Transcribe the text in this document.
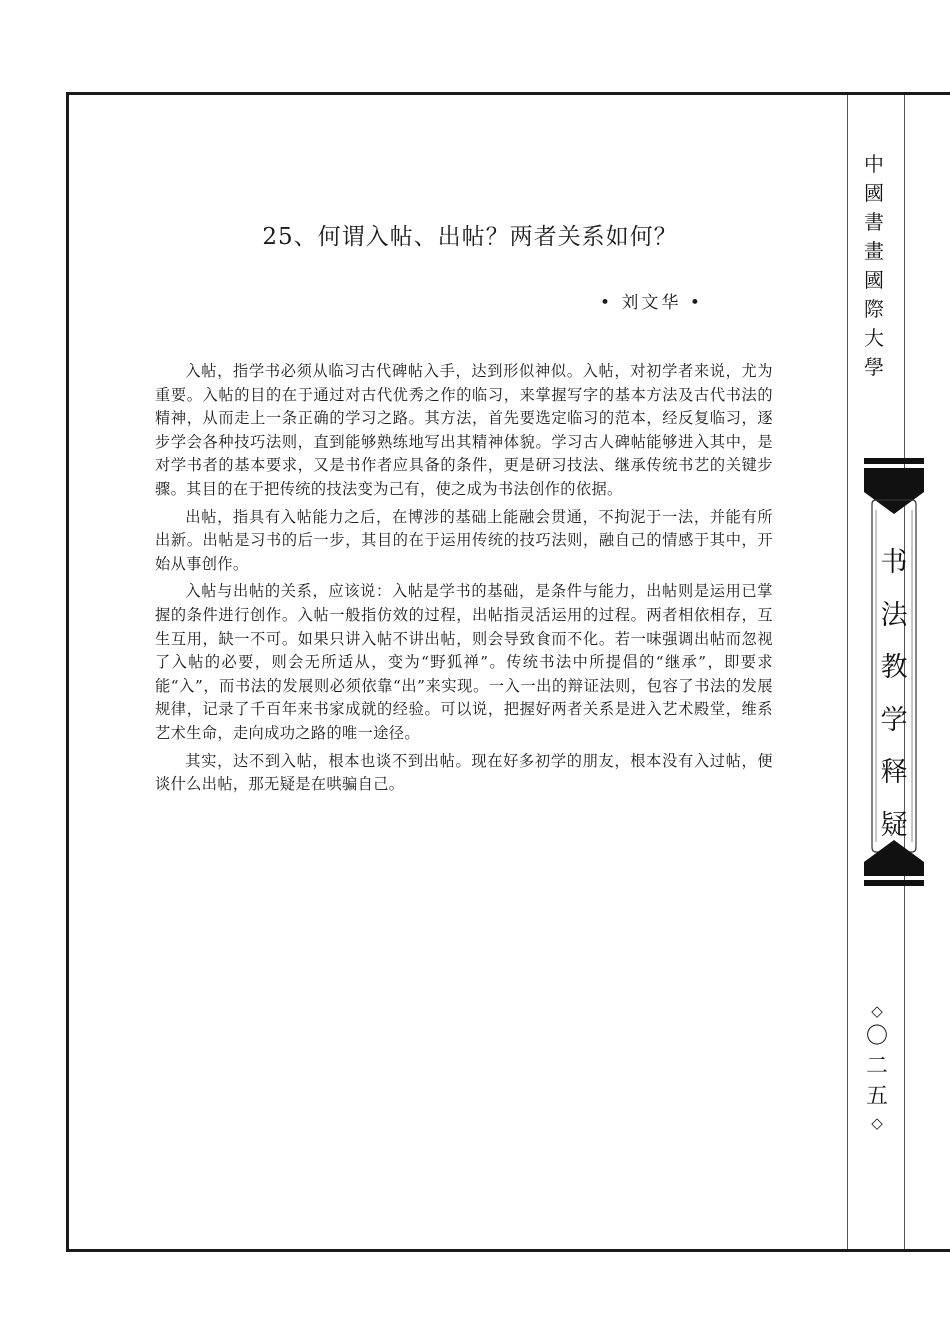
25、何谓入帖、出帖？两者关系如何？
• 刘文华 •

入帖，指学书必须从临习古代碑帖入手，达到形似神似。入帖，对初学者来说，尤为重要。入帖的目的在于通过对古代优秀之作的临习，来掌握写字的基本方法及古代书法的精神，从而走上一条正确的学习之路。其方法，首先要选定临习的范本，经反复临习，逐步学会各种技巧法则，直到能够熟练地写出其精神体貌。学习古人碑帖能够进入其中，是对学书者的基本要求，又是书作者应具备的条件，更是研习技法、继承传统书艺的关键步骤。其目的在于把传统的技法变为己有，使之成为书法创作的依据。

出帖，指具有入帖能力之后，在博涉的基础上能融会贯通，不拘泥于一法，并能有所出新。出帖是习书的后一步，其目的在于运用传统的技巧法则，融自己的情感于其中，开始从事创作。

入帖与出帖的关系，应该说：入帖是学书的基础，是条件与能力，出帖则是运用已掌握的条件进行创作。入帖一般指仿效的过程，出帖指灵活运用的过程。两者相依相存，互生互用，缺一不可。如果只讲入帖不讲出帖，则会导致食而不化。若一味强调出帖而忽视了入帖的必要，则会无所适从，变为“野狐禅”。传统书法中所提倡的“继承”，即要求能“入”，而书法的发展则必须依靠“出”来实现。一入一出的辩证法则，包容了书法的发展规律，记录了千百年来书家成就的经验。可以说，把握好两者关系是进入艺术殿堂，维系艺术生命，走向成功之路的唯一途径。

其实，达不到入帖，根本也谈不到出帖。现在好多初学的朋友，根本没有入过帖，便谈什么出帖，那无疑是在哄骗自己。

中
國
書
畫
國
際
大
學
书
法
教
学
释
疑
◇
〇
二
五
◇
